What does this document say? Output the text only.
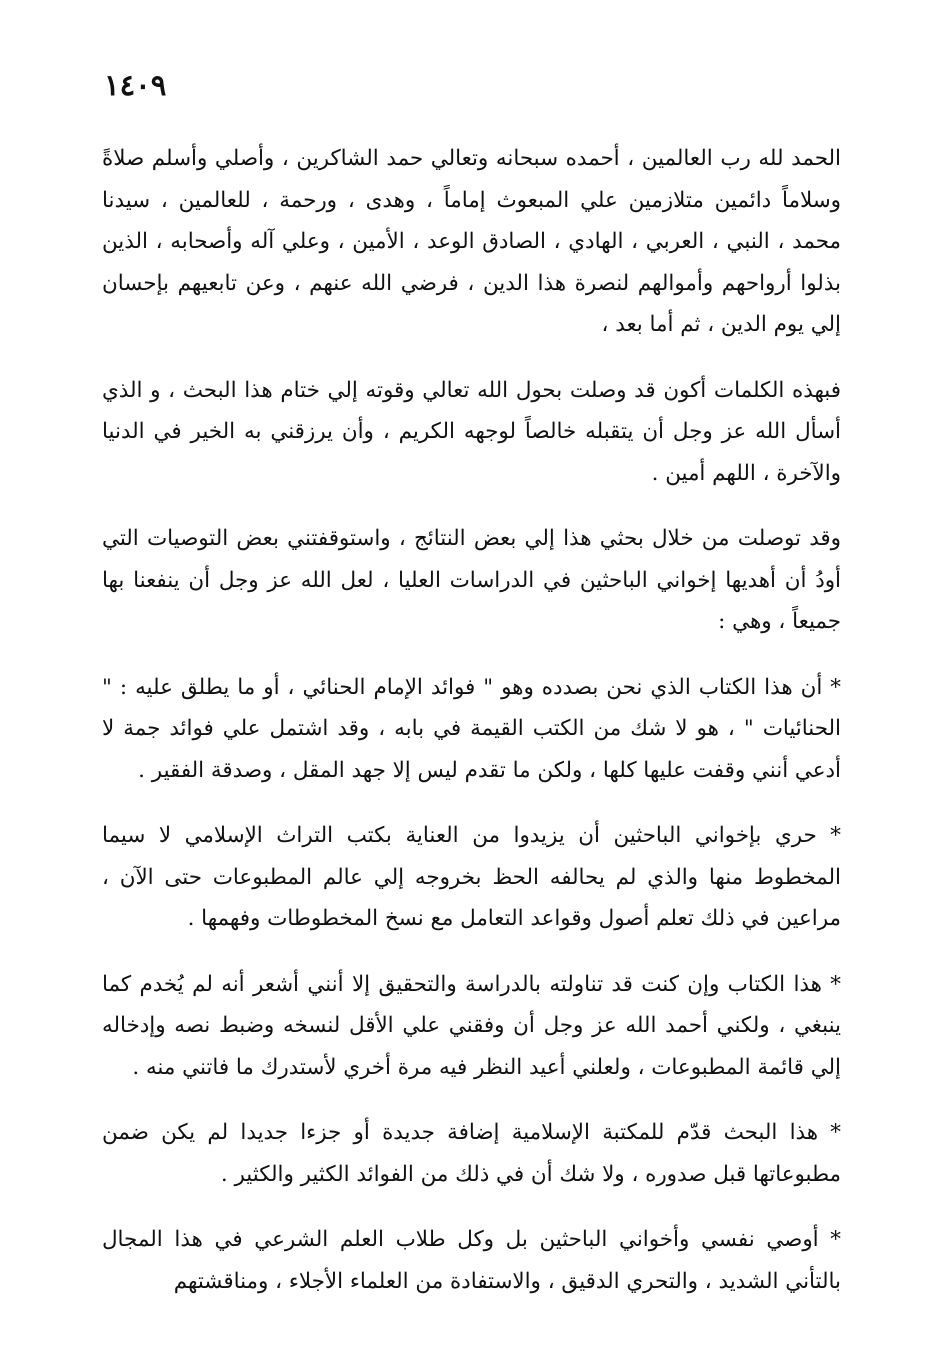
١٤٠٩

الحمد لله رب العالمين ، أحمده سبحانه وتعالي حمد الشاكرين ، وأصلي وأسلم صلاةً وسلاماً دائمين متلازمين علي المبعوث إماماً ، وهدى ، ورحمة ، للعالمين ، سيدنا محمد ، النبي ، العربي ، الهادي ، الصادق الوعد ، الأمين ، وعلي آله وأصحابه ، الذين بذلوا أرواحهم وأموالهم لنصرة هذا الدين ، فرضي الله عنهم ، وعن تابعيهم بإحسان إلي يوم الدين ، ثم أما بعد ،

فبهذه الكلمات أكون قد وصلت بحول الله تعالي وقوته إلي ختام هذا البحث ، و الذي أسأل الله عز وجل أن يتقبله خالصاً لوجهه الكريم ، وأن يرزقني به الخير في الدنيا والآخرة ، اللهم أمين .

وقد توصلت من خلال بحثي هذا إلي بعض النتائج ، واستوقفتني بعض التوصيات التي أودُ أن أهديها إخواني الباحثين في الدراسات العليا ، لعل الله عز وجل أن ينفعنا بها جميعاً ، وهي :

* أن هذا الكتاب الذي نحن بصدده وهو " فوائد الإمام الحنائي ، أو ما يطلق عليه : " الحنائيات " ، هو لا شك من الكتب القيمة في بابه ، وقد اشتمل علي فوائد جمة لا أدعي أنني وقفت عليها كلها ، ولكن ما تقدم ليس إلا جهد المقل ، وصدقة الفقير .

* حري بإخواني الباحثين أن يزيدوا من العناية بكتب التراث الإسلامي لا سيما المخطوط منها والذي لم يحالفه الحظ بخروجه إلي عالم المطبوعات حتى الآن ، مراعين في ذلك تعلم أصول وقواعد التعامل مع نسخ المخطوطات وفهمها .

* هذا الكتاب وإن كنت قد تناولته بالدراسة والتحقيق إلا أنني أشعر أنه لم يُخدم كما ينبغي ، ولكني أحمد الله عز وجل أن وفقني علي الأقل لنسخه وضبط نصه وإدخاله إلي قائمة المطبوعات ، ولعلني أعيد النظر فيه مرة أخري لأستدرك ما فاتني منه .

* هذا البحث قدّم للمكتبة الإسلامية إضافة جديدة أو جزءا جديدا لم يكن ضمن مطبوعاتها قبل صدوره ، ولا شك أن في ذلك من الفوائد الكثير والكثير .

* أوصي نفسي وأخواني الباحثين بل وكل طلاب العلم الشرعي في هذا المجال بالتأني الشديد ، والتحري الدقيق ، والاستفادة من العلماء الأجلاء ، ومناقشتهم
